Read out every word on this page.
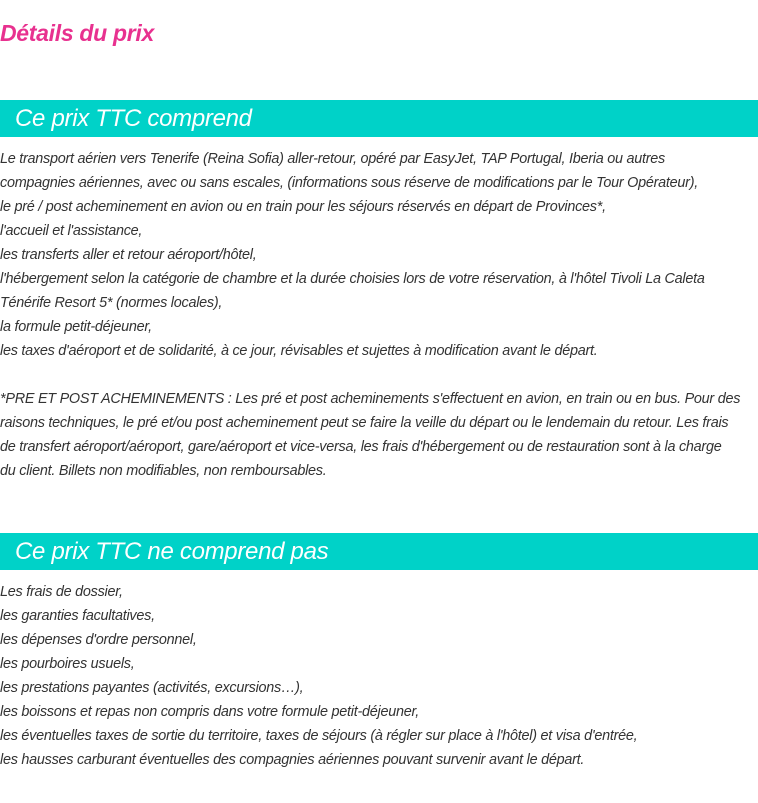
Détails du prix
Ce prix TTC comprend
Le transport aérien vers Tenerife (Reina Sofia) aller-retour, opéré par EasyJet, TAP Portugal, Iberia ou autres
compagnies aériennes, avec ou sans escales, (informations sous réserve de modifications par le Tour Opérateur),
le pré / post acheminement en avion ou en train pour les séjours réservés en départ de Provinces*,
l'accueil et l'assistance,
les transferts aller et retour aéroport/hôtel,
l'hébergement selon la catégorie de chambre et la durée choisies lors de votre réservation, à l'hôtel Tivoli La Caleta
Ténérife Resort 5* (normes locales),
la formule petit-déjeuner,
les taxes d'aéroport et de solidarité, à ce jour, révisables et sujettes à modification avant le départ.
*PRE ET POST ACHEMINEMENTS : Les pré et post acheminements s'effectuent en avion, en train ou en bus. Pour des
raisons techniques, le pré et/ou post acheminement peut se faire la veille du départ ou le lendemain du retour. Les frais
de transfert aéroport/aéroport, gare/aéroport et vice-versa, les frais d'hébergement ou de restauration sont à la charge
du client. Billets non modifiables, non remboursables.
Ce prix TTC ne comprend pas
Les frais de dossier,
les garanties facultatives,
les dépenses d'ordre personnel,
les pourboires usuels,
les prestations payantes (activités, excursions…),
les boissons et repas non compris dans votre formule petit-déjeuner,
les éventuelles taxes de sortie du territoire, taxes de séjours (à régler sur place à l'hôtel) et visa d'entrée,
les hausses carburant éventuelles des compagnies aériennes pouvant survenir avant le départ.
